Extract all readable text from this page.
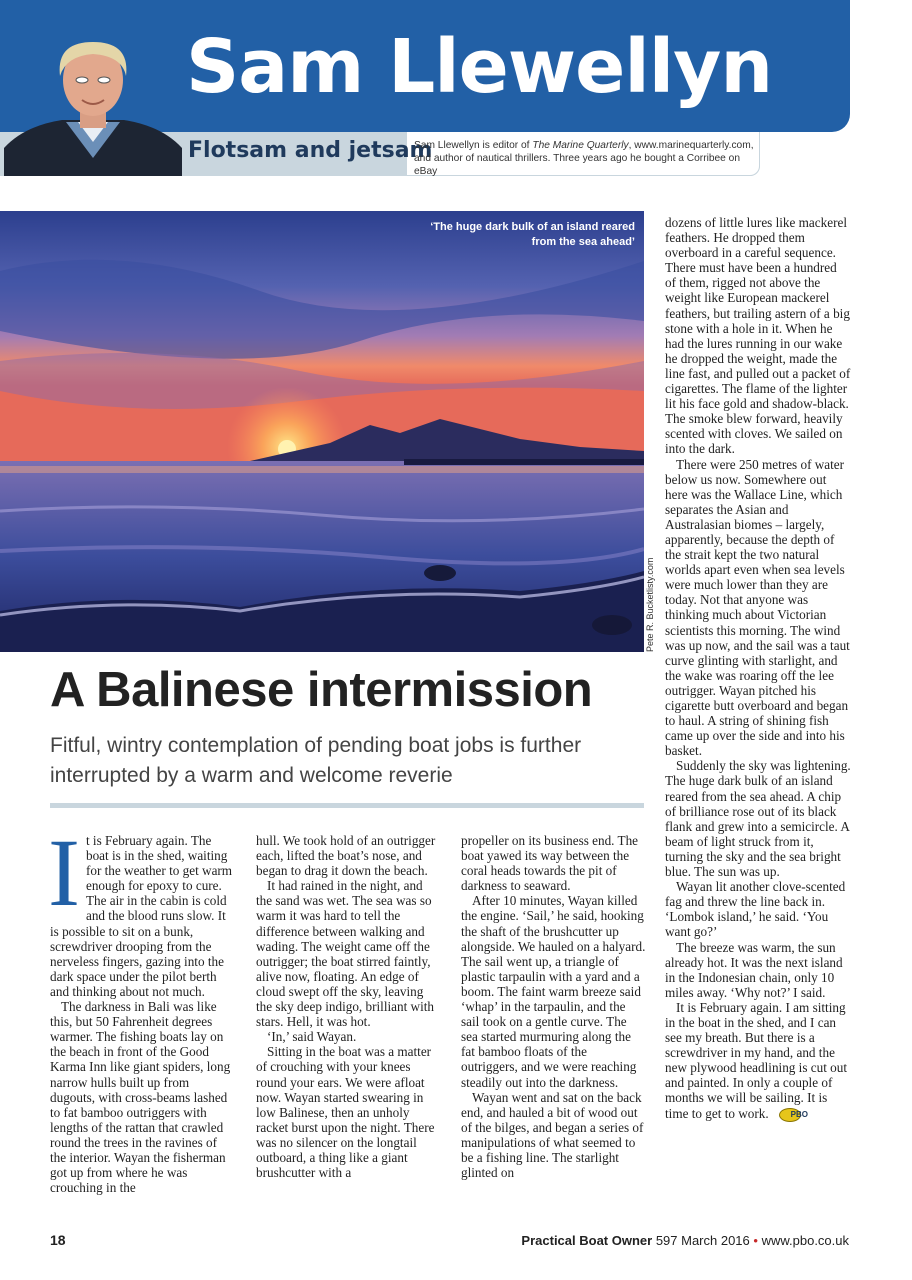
Sam Llewellyn
Flotsam and jetsam
Sam Llewellyn is editor of The Marine Quarterly, www.marinequarterly.com, and author of nautical thrillers. Three years ago he bought a Corribee on eBay
‘The huge dark bulk of an island reared from the sea ahead’
Pete R. Bucketlisty.com
A Balinese intermission
Fitful, wintry contemplation of pending boat jobs is further interrupted by a warm and welcome reverie

It is February again. The boat is in the shed, waiting for the weather to get warm enough for epoxy to cure. The air in the cabin is cold and the blood runs slow. It is possible to sit on a bunk, screwdriver drooping from the nerveless fingers, gazing into the dark space under the pilot berth and thinking about not much.

The darkness in Bali was like this, but 50 Fahrenheit degrees warmer. The fishing boats lay on the beach in front of the Good Karma Inn like giant spiders, long narrow hulls built up from dugouts, with cross-beams lashed to fat bamboo outriggers with lengths of the rattan that crawled round the trees in the ravines of the interior. Wayan the fisherman got up from where he was crouching in the

hull. We took hold of an outrigger each, lifted the boat’s nose, and began to drag it down the beach.

It had rained in the night, and the sand was wet. The sea was so warm it was hard to tell the difference between walking and wading. The weight came off the outrigger; the boat stirred faintly, alive now, floating. An edge of cloud swept off the sky, leaving the sky deep indigo, brilliant with stars. Hell, it was hot.

‘In,’ said Wayan.

Sitting in the boat was a matter of crouching with your knees round your ears. We were afloat now. Wayan started swearing in low Balinese, then an unholy racket burst upon the night. There was no silencer on the longtail outboard, a thing like a giant brushcutter with a

propeller on its business end. The boat yawed its way between the coral heads towards the pit of darkness to seaward.

After 10 minutes, Wayan killed the engine. ‘Sail,’ he said, hooking the shaft of the brushcutter up alongside. We hauled on a halyard. The sail went up, a triangle of plastic tarpaulin with a yard and a boom. The faint warm breeze said ‘whap’ in the tarpaulin, and the sail took on a gentle curve. The sea started murmuring along the fat bamboo floats of the outriggers, and we were reaching steadily out into the darkness.

Wayan went and sat on the back end, and hauled a bit of wood out of the bilges, and began a series of manipulations of what seemed to be a fishing line. The starlight glinted on

dozens of little lures like mackerel feathers. He dropped them overboard in a careful sequence. There must have been a hundred of them, rigged not above the weight like European mackerel feathers, but trailing astern of a big stone with a hole in it. When he had the lures running in our wake he dropped the weight, made the line fast, and pulled out a packet of cigarettes. The flame of the lighter lit his face gold and shadow-black. The smoke blew forward, heavily scented with cloves. We sailed on into the dark.

There were 250 metres of water below us now. Somewhere out here was the Wallace Line, which separates the Asian and Australasian biomes – largely, apparently, because the depth of the strait kept the two natural worlds apart even when sea levels were much lower than they are today. Not that anyone was thinking much about Victorian scientists this morning. The wind was up now, and the sail was a taut curve glinting with starlight, and the wake was roaring off the lee outrigger. Wayan pitched his cigarette butt overboard and began to haul. A string of shining fish came up over the side and into his basket.

Suddenly the sky was lightening. The huge dark bulk of an island reared from the sea ahead. A chip of brilliance rose out of its black flank and grew into a semicircle. A beam of light struck from it, turning the sky and the sea bright blue. The sun was up.

Wayan lit another clove-scented fag and threw the line back in. ‘Lombok island,’ he said. ‘You want go?’

The breeze was warm, the sun already hot. It was the next island in the Indonesian chain, only 10 miles away. ‘Why not?’ I said.

It is February again. I am sitting in the boat in the shed, and I can see my breath. But there is a screwdriver in my hand, and the new plywood headlining is cut out and painted. In only a couple of months we will be sailing. It is time to get to work.	PBO

18	Practical Boat Owner 597 March 2016 • www.pbo.co.uk
